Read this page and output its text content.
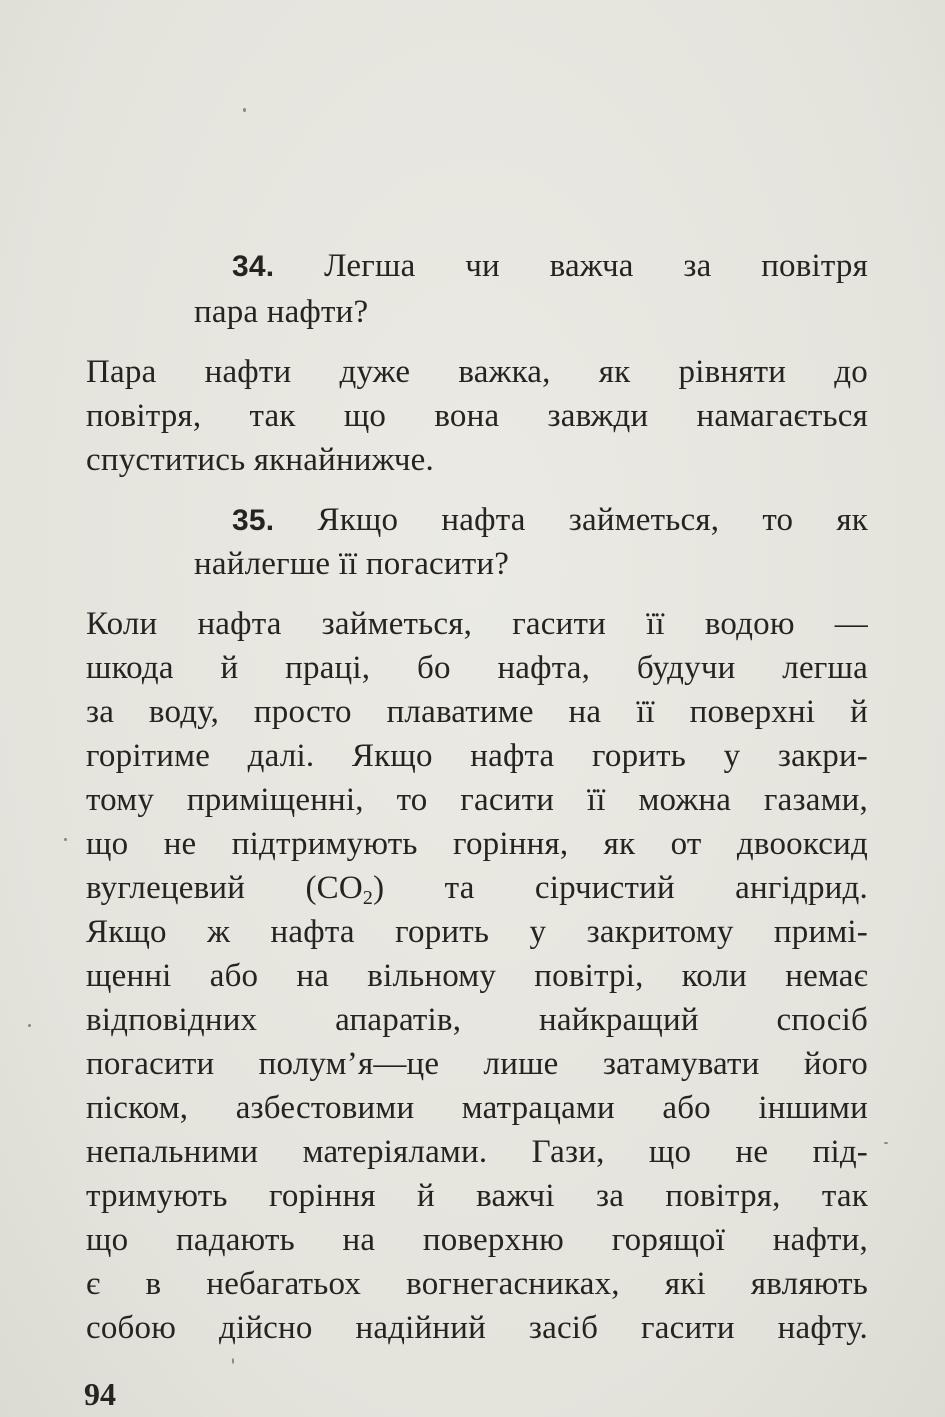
34. Легша чи важча за повітря
пара нафти?
Пара нафти дуже важка, як рівняти до
повітря, так що вона завжди намагається
спуститись якнайнижче.
35. Якщо нафта займеться, то як
найлегше її погасити?
Коли нафта займеться, гасити її водою —
шкода й праці, бо нафта, будучи легша
за воду, просто плаватиме на її поверхні й
горітиме далі. Якщо нафта горить у закри-
тому приміщенні, то гасити її можна газами,
що не підтримують горіння, як от двооксид
вуглецевий $(CO_2)$ та сірчистий ангідрид.
Якщо ж нафта горить у закритому примі-
щенні або на вільному повітрі, коли немає
відповідних апаратів, найкращий спосіб
погасити полум’я—це лише затамувати його
піском, азбестовими матрацами або іншими
непальними матеріялами. Гази, що не під-
тримують горіння й важчі за повітря, так
що падають на поверхню горящої нафти,
є в небагатьох вогнегасниках, які являють
собою дійсно надійний засіб гасити нафту.
94
